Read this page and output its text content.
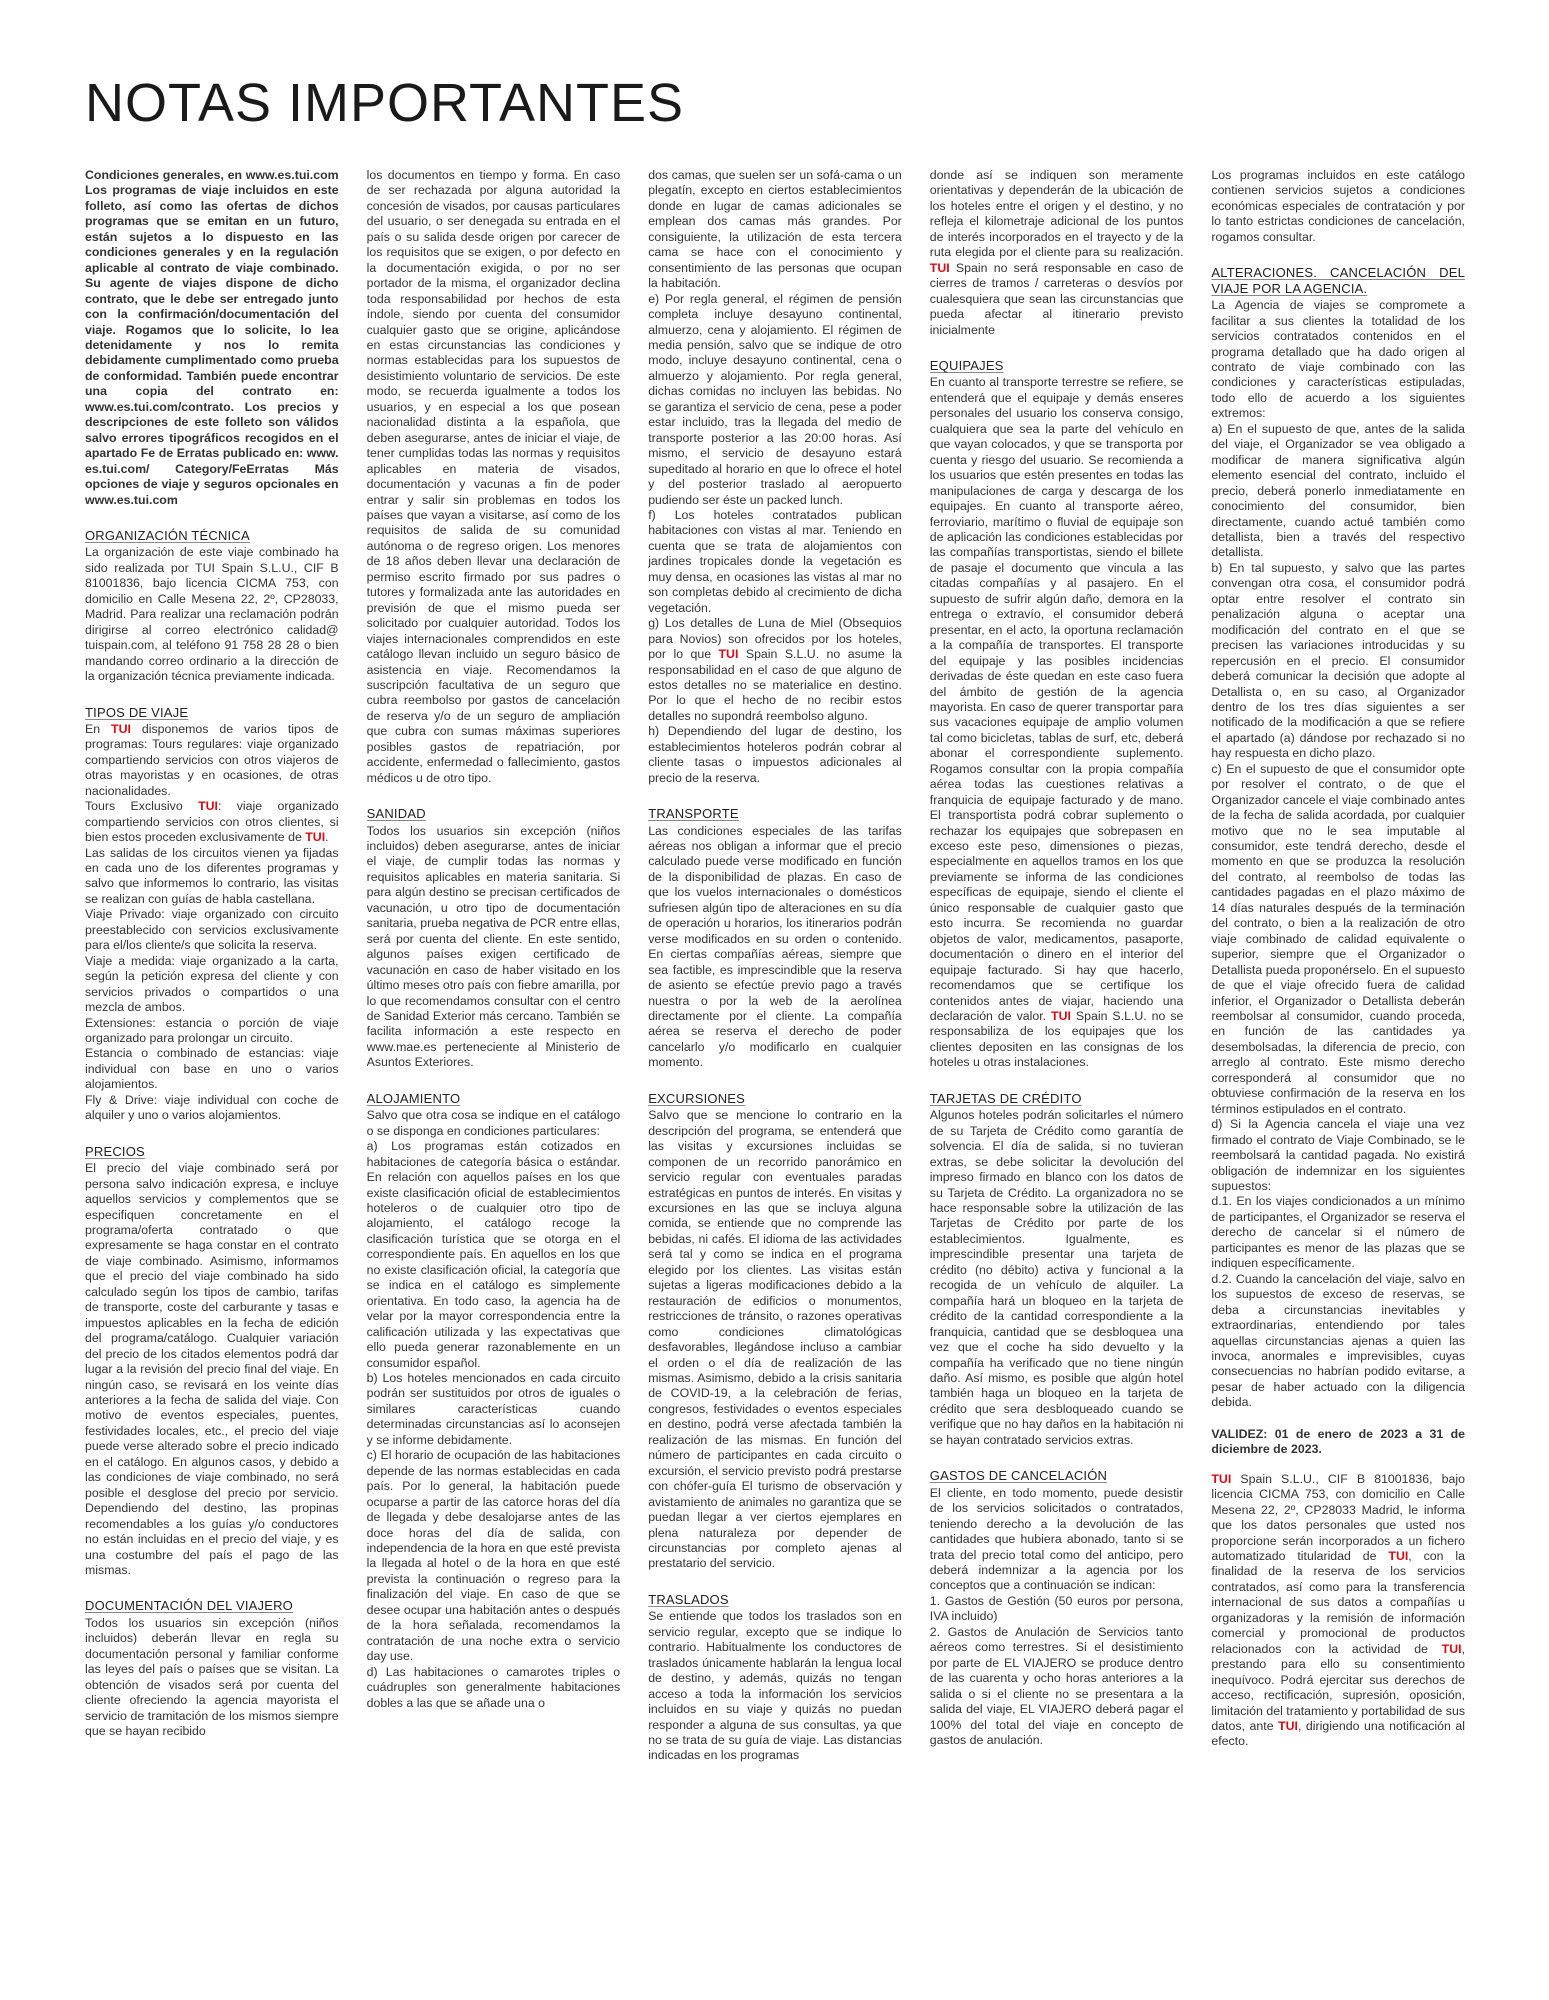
NOTAS IMPORTANTES

Condiciones generales, en www.es.tui.com Los programas de viaje incluidos en este folleto, así como las ofertas de dichos programas que se emitan en un futuro, están sujetos a lo dispuesto en las condiciones generales y en la regulación aplicable al contrato de viaje combinado. Su agente de viajes dispone de dicho contrato, que le debe ser entregado junto con la confirmación/documentación del viaje. Rogamos que lo solicite, lo lea detenidamente y nos lo remita debidamente cumplimentado como prueba de conformidad. También puede encontrar una copia del contrato en: www.es.tui.com/contrato. Los precios y descripciones de este folleto son válidos salvo errores tipográficos recogidos en el apartado Fe de Erratas publicado en: www. es.tui.com/ Category/FeErratas Más opciones de viaje y seguros opcionales en www.es.tui.com

ORGANIZACIÓN TÉCNICA

La organización de este viaje combinado ha sido realizada por TUI Spain S.L.U., CIF B 81001836, bajo licencia CICMA 753, con domicilio en Calle Mesena 22, 2º, CP28033, Madrid. Para realizar una reclamación podrán dirigirse al correo electrónico calidad@ tuispain.com, al teléfono 91 758 28 28 o bien mandando correo ordinario a la dirección de la organización técnica previamente indicada.

TIPOS DE VIAJE

En TUI disponemos de varios tipos de programas: Tours regulares: viaje organizado compartiendo servicios con otros viajeros de otras mayoristas y en ocasiones, de otras nacionalidades.

Tours Exclusivo TUI: viaje organizado compartiendo servicios con otros clientes, si bien estos proceden exclusivamente de TUI.

Las salidas de los circuitos vienen ya fijadas en cada uno de los diferentes programas y salvo que informemos lo contrario, las visitas se realizan con guías de habla castellana.

Viaje Privado: viaje organizado con circuito preestablecido con servicios exclusivamente para el/los cliente/s que solicita la reserva.

Viaje a medida: viaje organizado a la carta, según la petición expresa del cliente y con servicios privados o compartidos o una mezcla de ambos.

Extensiones: estancia o porción de viaje organizado para prolongar un circuito.

Estancia o combinado de estancias: viaje individual con base en uno o varios alojamientos.

Fly & Drive: viaje individual con coche de alquiler y uno o varios alojamientos.

PRECIOS

El precio del viaje combinado será por persona salvo indicación expresa, e incluye aquellos servicios y complementos que se especifiquen concretamente en el programa/oferta contratado o que expresamente se haga constar en el contrato de viaje combinado. Asimismo, informamos que el precio del viaje combinado ha sido calculado según los tipos de cambio, tarifas de transporte, coste del carburante y tasas e impuestos aplicables en la fecha de edición del programa/catálogo. Cualquier variación del precio de los citados elementos podrá dar lugar a la revisión del precio final del viaje. En ningún caso, se revisará en los veinte días anteriores a la fecha de salida del viaje. Con motivo de eventos especiales, puentes, festividades locales, etc., el precio del viaje puede verse alterado sobre el precio indicado en el catálogo. En algunos casos, y debido a las condiciones de viaje combinado, no será posible el desglose del precio por servicio. Dependiendo del destino, las propinas recomendables a los guías y/o conductores no están incluidas en el precio del viaje, y es una costumbre del país el pago de las mismas.

DOCUMENTACIÓN DEL VIAJERO

Todos los usuarios sin excepción (niños incluidos) deberán llevar en regla su documentación personal y familiar conforme las leyes del país o países que se visitan. La obtención de visados será por cuenta del cliente ofreciendo la agencia mayorista el servicio de tramitación de los mismos siempre que se hayan recibido

los documentos en tiempo y forma. En caso de ser rechazada por alguna autoridad la concesión de visados, por causas particulares del usuario, o ser denegada su entrada en el país o su salida desde origen por carecer de los requisitos que se exigen, o por defecto en la documentación exigida, o por no ser portador de la misma, el organizador declina toda responsabilidad por hechos de esta índole, siendo por cuenta del consumidor cualquier gasto que se origine, aplicándose en estas circunstancias las condiciones y normas establecidas para los supuestos de desistimiento voluntario de servicios. De este modo, se recuerda igualmente a todos los usuarios, y en especial a los que posean nacionalidad distinta a la española, que deben asegurarse, antes de iniciar el viaje, de tener cumplidas todas las normas y requisitos aplicables en materia de visados, documentación y vacunas a fin de poder entrar y salir sin problemas en todos los países que vayan a visitarse, así como de los requisitos de salida de su comunidad autónoma o de regreso origen. Los menores de 18 años deben llevar una declaración de permiso escrito firmado por sus padres o tutores y formalizada ante las autoridades en previsión de que el mismo pueda ser solicitado por cualquier autoridad. Todos los viajes internacionales comprendidos en este catálogo llevan incluido un seguro básico de asistencia en viaje. Recomendamos la suscripción facultativa de un seguro que cubra reembolso por gastos de cancelación de reserva y/o de un seguro de ampliación que cubra con sumas máximas superiores posibles gastos de repatriación, por accidente, enfermedad o fallecimiento, gastos médicos u de otro tipo.

SANIDAD

Todos los usuarios sin excepción (niños incluidos) deben asegurarse, antes de iniciar el viaje, de cumplir todas las normas y requisitos aplicables en materia sanitaria. Si para algún destino se precisan certificados de vacunación, u otro tipo de documentación sanitaria, prueba negativa de PCR entre ellas, será por cuenta del cliente. En este sentido, algunos países exigen certificado de vacunación en caso de haber visitado en los último meses otro país con fiebre amarilla, por lo que recomendamos consultar con el centro de Sanidad Exterior más cercano. También se facilita información a este respecto en www.mae.es perteneciente al Ministerio de Asuntos Exteriores.

ALOJAMIENTO

Salvo que otra cosa se indique en el catálogo o se disponga en condiciones particulares:

a) Los programas están cotizados en habitaciones de categoría básica o estándar. En relación con aquellos países en los que existe clasificación oficial de establecimientos hoteleros o de cualquier otro tipo de alojamiento, el catálogo recoge la clasificación turística que se otorga en el correspondiente país. En aquellos en los que no existe clasificación oficial, la categoría que se indica en el catálogo es simplemente orientativa. En todo caso, la agencia ha de velar por la mayor correspondencia entre la calificación utilizada y las expectativas que ello pueda generar razonablemente en un consumidor español.

b) Los hoteles mencionados en cada circuito podrán ser sustituidos por otros de iguales o similares características cuando determinadas circunstancias así lo aconsejen y se informe debidamente.

c) El horario de ocupación de las habitaciones depende de las normas establecidas en cada país. Por lo general, la habitación puede ocuparse a partir de las catorce horas del día de llegada y debe desalojarse antes de las doce horas del día de salida, con independencia de la hora en que esté prevista la llegada al hotel o de la hora en que esté prevista la continuación o regreso para la finalización del viaje. En caso de que se desee ocupar una habitación antes o después de la hora señalada, recomendamos la contratación de una noche extra o servicio day use.

d) Las habitaciones o camarotes triples o cuádruples son generalmente habitaciones dobles a las que se añade una o

dos camas, que suelen ser un sofá-cama o un plegatín, excepto en ciertos establecimientos donde en lugar de camas adicionales se emplean dos camas más grandes. Por consiguiente, la utilización de esta tercera cama se hace con el conocimiento y consentimiento de las personas que ocupan la habitación.

e) Por regla general, el régimen de pensión completa incluye desayuno continental, almuerzo, cena y alojamiento. El régimen de media pensión, salvo que se indique de otro modo, incluye desayuno continental, cena o almuerzo y alojamiento. Por regla general, dichas comidas no incluyen las bebidas. No se garantiza el servicio de cena, pese a poder estar incluido, tras la llegada del medio de transporte posterior a las 20:00 horas. Así mismo, el servicio de desayuno estará supeditado al horario en que lo ofrece el hotel y del posterior traslado al aeropuerto pudiendo ser éste un packed lunch.

f) Los hoteles contratados publican habitaciones con vistas al mar. Teniendo en cuenta que se trata de alojamientos con jardines tropicales donde la vegetación es muy densa, en ocasiones las vistas al mar no son completas debido al crecimiento de dicha vegetación.

g) Los detalles de Luna de Miel (Obsequios para Novios) son ofrecidos por los hoteles, por lo que TUI Spain S.L.U. no asume la responsabilidad en el caso de que alguno de estos detalles no se materialice en destino. Por lo que el hecho de no recibir estos detalles no supondrá reembolso alguno.

h) Dependiendo del lugar de destino, los establecimientos hoteleros podrán cobrar al cliente tasas o impuestos adicionales al precio de la reserva.

TRANSPORTE

Las condiciones especiales de las tarifas aéreas nos obligan a informar que el precio calculado puede verse modificado en función de la disponibilidad de plazas. En caso de que los vuelos internacionales o domésticos sufriesen algún tipo de alteraciones en su día de operación u horarios, los itinerarios podrán verse modificados en su orden o contenido. En ciertas compañías aéreas, siempre que sea factible, es imprescindible que la reserva de asiento se efectúe previo pago a través nuestra o por la web de la aerolínea directamente por el cliente. La compañía aérea se reserva el derecho de poder cancelarlo y/o modificarlo en cualquier momento.

EXCURSIONES

Salvo que se mencione lo contrario en la descripción del programa, se entenderá que las visitas y excursiones incluidas se componen de un recorrido panorámico en servicio regular con eventuales paradas estratégicas en puntos de interés. En visitas y excursiones en las que se incluya alguna comida, se entiende que no comprende las bebidas, ni cafés. El idioma de las actividades será tal y como se indica en el programa elegido por los clientes. Las visitas están sujetas a ligeras modificaciones debido a la restauración de edificios o monumentos, restricciones de tránsito, o razones operativas como condiciones climatológicas desfavorables, llegándose incluso a cambiar el orden o el día de realización de las mismas. Asimismo, debido a la crisis sanitaria de COVID-19, a la celebración de ferias, congresos, festividades o eventos especiales en destino, podrá verse afectada también la realización de las mismas. En función del número de participantes en cada circuito o excursión, el servicio previsto podrá prestarse con chófer-guía El turismo de observación y avistamiento de animales no garantiza que se puedan llegar a ver ciertos ejemplares en plena naturaleza por depender de circunstancias por completo ajenas al prestatario del servicio.

TRASLADOS

Se entiende que todos los traslados son en servicio regular, excepto que se indique lo contrario. Habitualmente los conductores de traslados únicamente hablarán la lengua local de destino, y además, quizás no tengan acceso a toda la información los servicios incluidos en su viaje y quizás no puedan responder a alguna de sus consultas, ya que no se trata de su guía de viaje. Las distancias indicadas en los programas

donde así se indiquen son meramente orientativas y dependerán de la ubicación de los hoteles entre el origen y el destino, y no refleja el kilometraje adicional de los puntos de interés incorporados en el trayecto y de la ruta elegida por el cliente para su realización. TUI Spain no será responsable en caso de cierres de tramos / carreteras o desvíos por cualesquiera que sean las circunstancias que pueda afectar al itinerario previsto inicialmente

EQUIPAJES

En cuanto al transporte terrestre se refiere, se entenderá que el equipaje y demás enseres personales del usuario los conserva consigo, cualquiera que sea la parte del vehículo en que vayan colocados, y que se transporta por cuenta y riesgo del usuario. Se recomienda a los usuarios que estén presentes en todas las manipulaciones de carga y descarga de los equipajes. En cuanto al transporte aéreo, ferroviario, marítimo o fluvial de equipaje son de aplicación las condiciones establecidas por las compañías transportistas, siendo el billete de pasaje el documento que vincula a las citadas compañías y al pasajero. En el supuesto de sufrir algún daño, demora en la entrega o extravío, el consumidor deberá presentar, en el acto, la oportuna reclamación a la compañía de transportes. El transporte del equipaje y las posibles incidencias derivadas de éste quedan en este caso fuera del ámbito de gestión de la agencia mayorista. En caso de querer transportar para sus vacaciones equipaje de amplio volumen tal como bicicletas, tablas de surf, etc, deberá abonar el correspondiente suplemento. Rogamos consultar con la propia compañía aérea todas las cuestiones relativas a franquicia de equipaje facturado y de mano. El transportista podrá cobrar suplemento o rechazar los equipajes que sobrepasen en exceso este peso, dimensiones o piezas, especialmente en aquellos tramos en los que previamente se informa de las condiciones específicas de equipaje, siendo el cliente el único responsable de cualquier gasto que esto incurra. Se recomienda no guardar objetos de valor, medicamentos, pasaporte, documentación o dinero en el interior del equipaje facturado. Si hay que hacerlo, recomendamos que se certifique los contenidos antes de viajar, haciendo una declaración de valor. TUI Spain S.L.U. no se responsabiliza de los equipajes que los clientes depositen en las consignas de los hoteles u otras instalaciones.

TARJETAS DE CRÉDITO

Algunos hoteles podrán solicitarles el número de su Tarjeta de Crédito como garantía de solvencia. El día de salida, si no tuvieran extras, se debe solicitar la devolución del impreso firmado en blanco con los datos de su Tarjeta de Crédito. La organizadora no se hace responsable sobre la utilización de las Tarjetas de Crédito por parte de los establecimientos. Igualmente, es imprescindible presentar una tarjeta de crédito (no débito) activa y funcional a la recogida de un vehículo de alquiler. La compañía hará un bloqueo en la tarjeta de crédito de la cantidad correspondiente a la franquicia, cantidad que se desbloquea una vez que el coche ha sido devuelto y la compañía ha verificado que no tiene ningún daño. Así mismo, es posible que algún hotel también haga un bloqueo en la tarjeta de crédito que sera desbloqueado cuando se verifique que no hay daños en la habitación ni se hayan contratado servicios extras.

GASTOS DE CANCELACIÓN

El cliente, en todo momento, puede desistir de los servicios solicitados o contratados, teniendo derecho a la devolución de las cantidades que hubiera abonado, tanto si se trata del precio total como del anticipo, pero deberá indemnizar a la agencia por los conceptos que a continuación se indican:

1. Gastos de Gestión (50 euros por persona, IVA incluido)

2. Gastos de Anulación de Servicios tanto aéreos como terrestres. Si el desistimiento por parte de EL VIAJERO se produce dentro de las cuarenta y ocho horas anteriores a la salida o si el cliente no se presentara a la salida del viaje, EL VIAJERO deberá pagar el 100% del total del viaje en concepto de gastos de anulación.

Los programas incluidos en este catálogo contienen servicios sujetos a condiciones económicas especiales de contratación y por lo tanto estrictas condiciones de cancelación, rogamos consultar.

ALTERACIONES. CANCELACIÓN DEL VIAJE POR LA AGENCIA.

La Agencia de viajes se compromete a facilitar a sus clientes la totalidad de los servicios contratados contenidos en el programa detallado que ha dado origen al contrato de viaje combinado con las condiciones y características estipuladas, todo ello de acuerdo a los siguientes extremos:

a) En el supuesto de que, antes de la salida del viaje, el Organizador se vea obligado a modificar de manera significativa algún elemento esencial del contrato, incluido el precio, deberá ponerlo inmediatamente en conocimiento del consumidor, bien directamente, cuando actué también como detallista, bien a través del respectivo detallista.

b) En tal supuesto, y salvo que las partes convengan otra cosa, el consumidor podrá optar entre resolver el contrato sin penalización alguna o aceptar una modificación del contrato en el que se precisen las variaciones introducidas y su repercusión en el precio. El consumidor deberá comunicar la decisión que adopte al Detallista o, en su caso, al Organizador dentro de los tres días siguientes a ser notificado de la modificación a que se refiere el apartado (a) dándose por rechazado si no hay respuesta en dicho plazo.

c) En el supuesto de que el consumidor opte por resolver el contrato, o de que el Organizador cancele el viaje combinado antes de la fecha de salida acordada, por cualquier motivo que no le sea imputable al consumidor, este tendrá derecho, desde el momento en que se produzca la resolución del contrato, al reembolso de todas las cantidades pagadas en el plazo máximo de 14 días naturales después de la terminación del contrato, o bien a la realización de otro viaje combinado de calidad equivalente o superior, siempre que el Organizador o Detallista pueda proponérselo. En el supuesto de que el viaje ofrecido fuera de calidad inferior, el Organizador o Detallista deberán reembolsar al consumidor, cuando proceda, en función de las cantidades ya desembolsadas, la diferencia de precio, con arreglo al contrato. Este mismo derecho corresponderá al consumidor que no obtuviese confirmación de la reserva en los términos estipulados en el contrato.

d) Si la Agencia cancela el viaje una vez firmado el contrato de Viaje Combinado, se le reembolsará la cantidad pagada. No existirá obligación de indemnizar en los siguientes supuestos:

d.1. En los viajes condicionados a un mínimo de participantes, el Organizador se reserva el derecho de cancelar si el número de participantes es menor de las plazas que se indiquen específicamente.

d.2. Cuando la cancelación del viaje, salvo en los supuestos de exceso de reservas, se deba a circunstancias inevitables y extraordinarias, entendiendo por tales aquellas circunstancias ajenas a quien las invoca, anormales e imprevisibles, cuyas consecuencias no habrían podido evitarse, a pesar de haber actuado con la diligencia debida.

VALIDEZ: 01 de enero de 2023 a 31 de diciembre de 2023.

TUI Spain S.L.U., CIF B 81001836, bajo licencia CICMA 753, con domicilio en Calle Mesena 22, 2º, CP28033 Madrid, le informa que los datos personales que usted nos proporcione serán incorporados a un fichero automatizado titularidad de TUI, con la finalidad de la reserva de los servicios contratados, así como para la transferencia internacional de sus datos a compañías u organizadoras y la remisión de información comercial y promocional de productos relacionados con la actividad de TUI, prestando para ello su consentimiento inequívoco. Podrá ejercitar sus derechos de acceso, rectificación, supresión, oposición, limitación del tratamiento y portabilidad de sus datos, ante TUI, dirigiendo una notificación al efecto.
